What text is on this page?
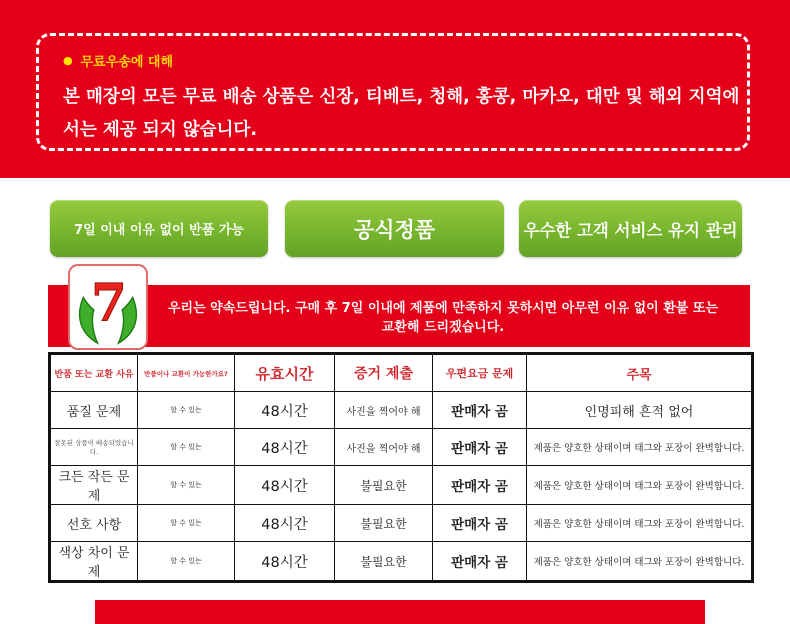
● 무료우송에 대해
본 매장의 모든 무료 배송 상품은 신장, 티베트, 청해, 홍콩, 마카오, 대만 및 해외 지역에서는 제공 되지 않습니다.
7일 이내 이유 없이 반품 가능	공식정품	우수한 고객 서비스 유지 관리
7	우리는 약속드립니다. 구매 후 7일 이내에 제품에 만족하지 못하시면 아무런 이유 없이 환불 또는 교환해 드리겠습니다.
반품 또는 교환 사유	반품이나 교환이 가능한가요?	유효시간	증거 제출	우편요금 문제	주목
품질 문제	할 수 있는	48시간	사진을 찍어야 해	판매자 곰	인명피해 흔적 없어
잘못된 상품이 배송되었습니다.	할 수 있는	48시간	사진을 찍어야 해	판매자 곰	제품은 양호한 상태이며 태그와 포장이 완벽합니다.
크든 작든 문제	할 수 있는	48시간	불필요한	판매자 곰	제품은 양호한 상태이며 태그와 포장이 완벽합니다.
선호 사항	할 수 있는	48시간	불필요한	판매자 곰	제품은 양호한 상태이며 태그와 포장이 완벽합니다.
색상 차이 문제	할 수 있는	48시간	불필요한	판매자 곰	제품은 양호한 상태이며 태그와 포장이 완벽합니다.
